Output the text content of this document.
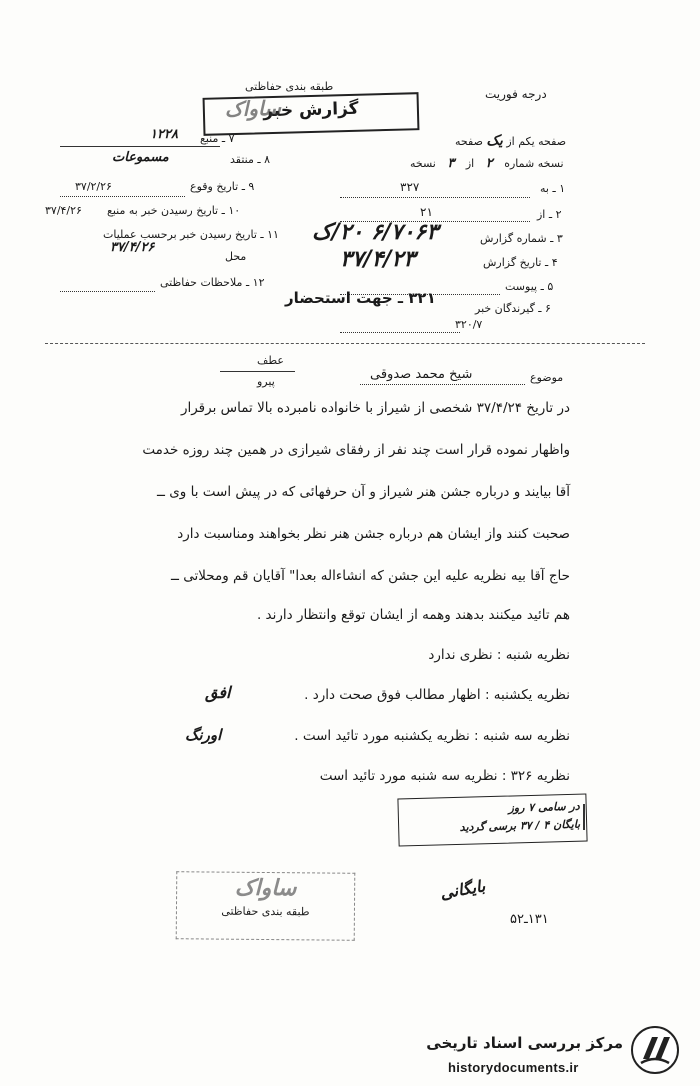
درجه فوریت
طبقه بندی حفاظتی
گزارش خبر
ساواک
۷ ـ منبع
۱۲۲۸
۸ ـ منتقد
مسموعات
۹ ـ تاریخ وقوع
۳۷/۲/۲۶
۱۰ ـ تاریخ رسیدن خبر به منبع
۳۷/۴/۲۶
۱۱ ـ تاریخ رسیدن خبر برحسب عملیات
محل
۳۷/۴/۲۶
۱۲ ـ ملاحظات حفاظتی
صفحه یکم از یک صفحه
نسخه شماره ۲ از ۳ نسخه
۱ ـ به
۳۲۷
۲ ـ از
۲۱
۳ ـ شماره گزارش
۶/۷۰۶۳ ۲۰/ک
۴ ـ تاریخ گزارش
۳۷/۴/۲۳
۵ ـ پیوست
۶ ـ گیرندگان خبر
۳۲۱ ـ جهت استحضار
۳۲۰/۷
عطف
پیرو	موضوع
شیخ محمد صدوقی
در تاریخ ۳۷/۴/۲۴ شخصی از شیراز با خانواده نامبرده بالا تماس برقرار
واظهار نموده قرار است چند نفر از رفقای شیرازی در همین چند روزه خدمت
آقا بیایند و درباره جشن هنر شیراز و آن حرفهائی که در پیش است با وی ــ
صحبت کنند واز ایشان هم درباره جشن هنر نظر بخواهند ومناسبت دارد
حاج آقا بیه نظریه علیه این جشن که انشاءاله بعدا" آقایان قم ومحلاتی ــ
هم تائید میکنند بدهند وهمه از ایشان توقع وانتظار دارند .
نظریه شنبه : نظری ندارد
نظریه یکشنبه : اظهار مطالب فوق صحت دارد .
افق
نظریه سه شنبه : نظریه یکشنبه مورد تائید است .
اورنگ
نظریه ۳۲۶ : نظریه سه شنبه مورد تائید است
در سامی ۷ روز
بایگان ۴ / ۳۷ برسی گردید
ساواک
طبقه بندی حفاظتی
بایگانی
۱۳۱ـ۵۲
مرکز بررسی اسناد تاریخی
historydocuments.ir
